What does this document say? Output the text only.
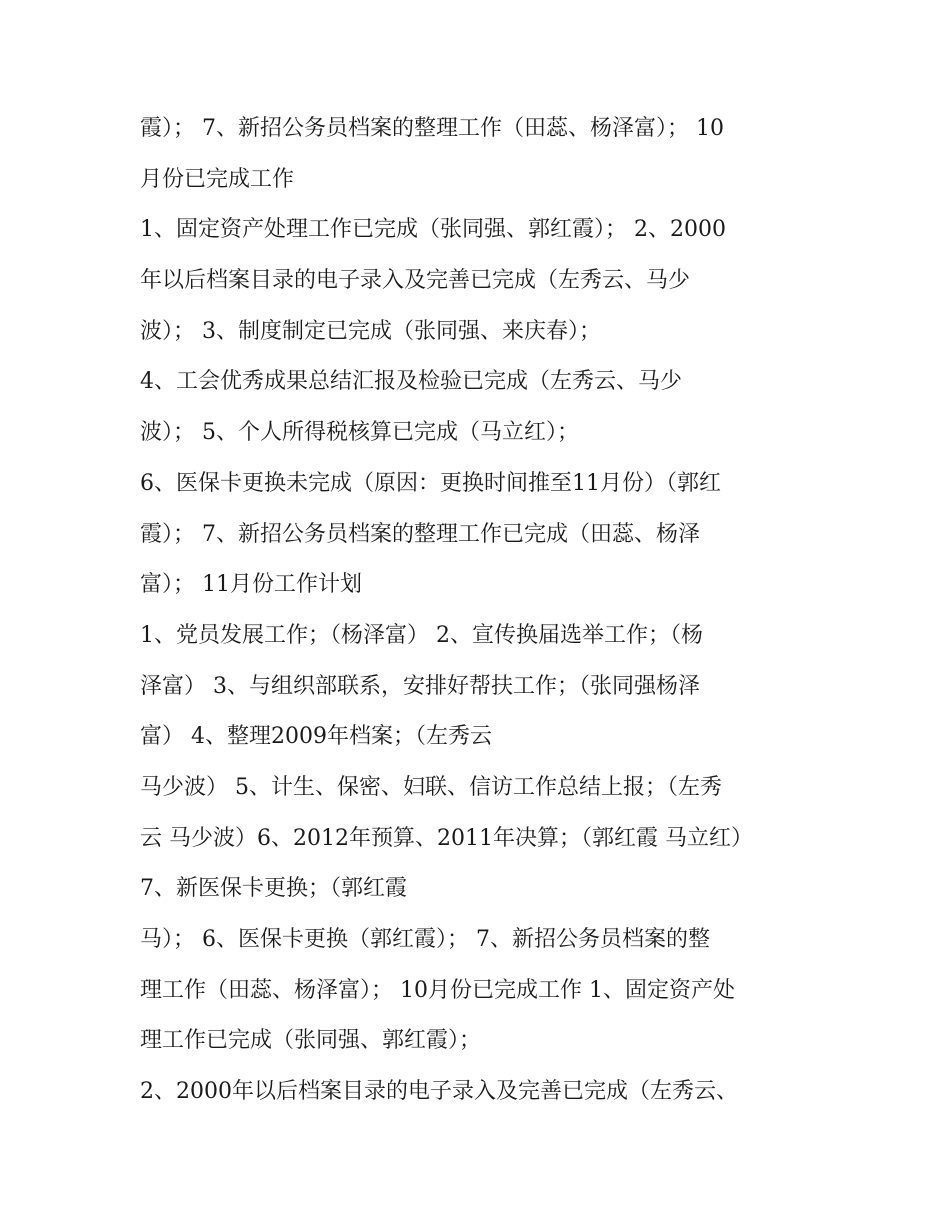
霞）； 7、新招公务员档案的整理工作（田蕊、杨泽富）； 10
月份已完成工作
1、固定资产处理工作已完成（张同强、郭红霞）； 2、2000
年以后档案目录的电子录入及完善已完成（左秀云、马少
波）； 3、制度制定已完成（张同强、来庆春）；
4、工会优秀成果总结汇报及检验已完成（左秀云、马少
波）； 5、个人所得税核算已完成（马立红）；
6、医保卡更换未完成（原因：更换时间推至11月份）（郭红
霞）； 7、新招公务员档案的整理工作已完成（田蕊、杨泽
富）； 11月份工作计划
1、党员发展工作；（杨泽富） 2、宣传换届选举工作；（杨
泽富） 3、与组织部联系，安排好帮扶工作；（张同强杨泽
富） 4、整理2009年档案；（左秀云
马少波） 5、计生、保密、妇联、信访工作总结上报；（左秀
云 马少波）6、2012年预算、2011年决算；（郭红霞 马立红）
7、新医保卡更换；（郭红霞
马）； 6、医保卡更换（郭红霞）； 7、新招公务员档案的整
理工作（田蕊、杨泽富）； 10月份已完成工作 1、固定资产处
理工作已完成（张同强、郭红霞）；
2、2000年以后档案目录的电子录入及完善已完成（左秀云、
